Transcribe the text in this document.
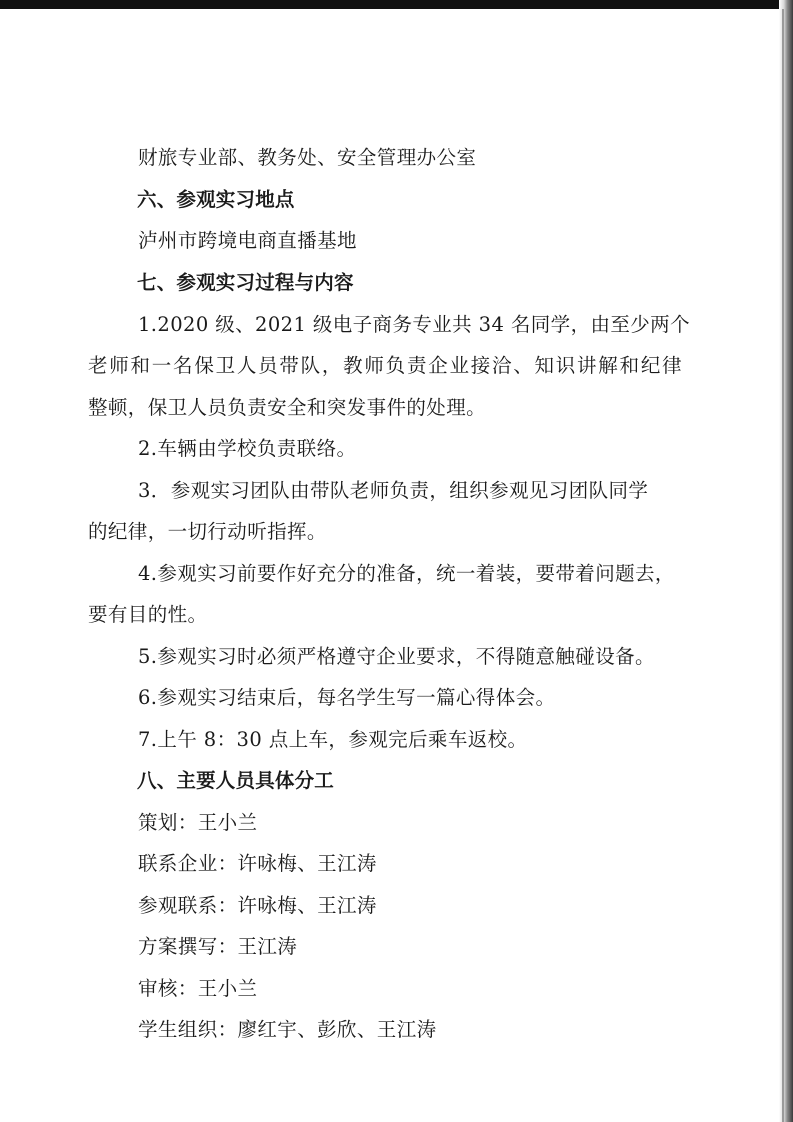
财旅专业部、教务处、安全管理办公室
六、参观实习地点
泸州市跨境电商直播基地
七、参观实习过程与内容
1.2020 级、2021 级电子商务专业共 34 名同学，由至少两个
老师和一名保卫人员带队，教师负责企业接洽、知识讲解和纪律
整顿，保卫人员负责安全和突发事件的处理。
2.车辆由学校负责联络。
3．参观实习团队由带队老师负责，组织参观见习团队同学
的纪律，一切行动听指挥。
4.参观实习前要作好充分的准备，统一着装，要带着问题去，
要有目的性。
5.参观实习时必须严格遵守企业要求，不得随意触碰设备。
6.参观实习结束后，每名学生写一篇心得体会。
7.上午 8：30 点上车，参观完后乘车返校。
八、主要人员具体分工
策划：王小兰
联系企业：许咏梅、王江涛
参观联系：许咏梅、王江涛
方案撰写：王江涛
审核：王小兰
学生组织：廖红宇、彭欣、王江涛
